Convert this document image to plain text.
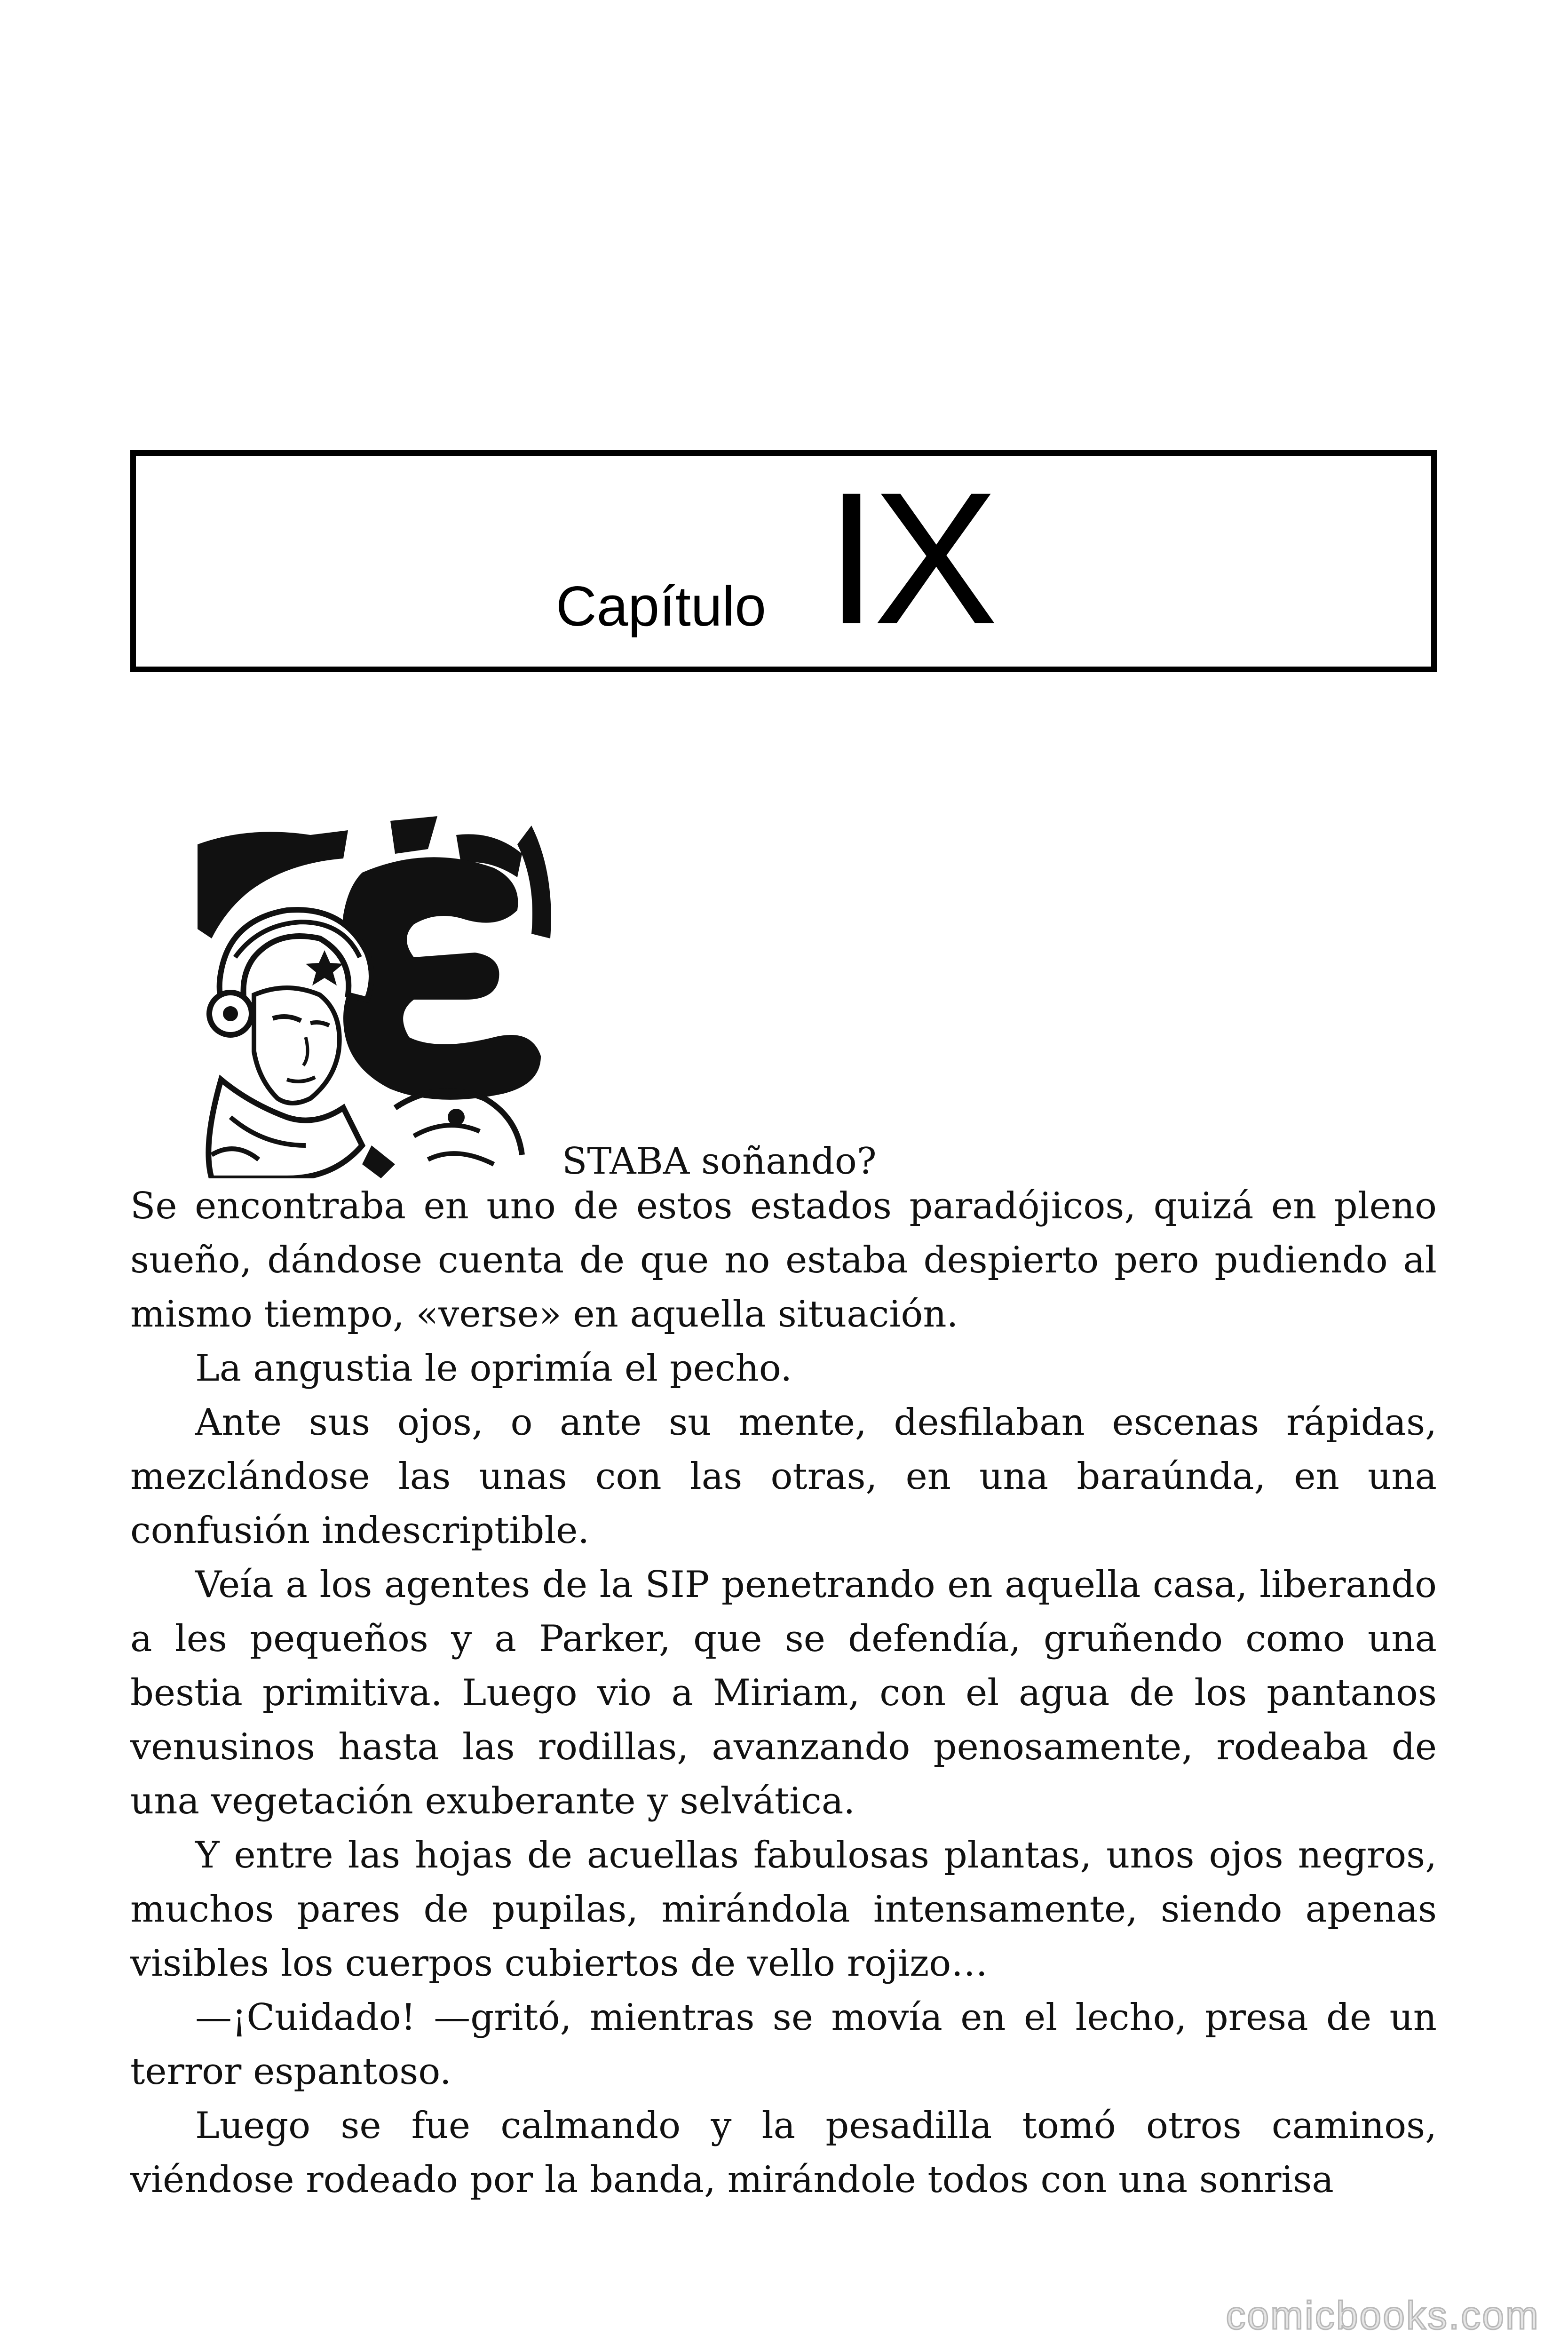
Capítulo IX
STABA soñando?

Se encontraba en uno de estos estados paradójicos, quizá en pleno sueño, dándose cuenta de que no estaba despierto pero pudiendo al mismo tiempo, «verse» en aquella situación.

La angustia le oprimía el pecho.

Ante sus ojos, o ante su mente, desfilaban escenas rápidas, mezclándose las unas con las otras, en una baraúnda, en una confusión indescriptible.

Veía a los agentes de la SIP penetrando en aquella casa, liberando a les pequeños y a Parker, que se defendía, gruñendo como una bestia primitiva. Luego vio a Miriam, con el agua de los pantanos venusinos hasta las rodillas, avanzando penosamente, rodeaba de una vegetación exuberante y selvática.

Y entre las hojas de acuellas fabulosas plantas, unos ojos negros, muchos pares de pupilas, mirándola intensamente, siendo apenas visibles los cuerpos cubiertos de vello rojizo…

—¡Cuidado! —gritó, mientras se movía en el lecho, presa de un terror espantoso.

Luego se fue calmando y la pesadilla tomó otros caminos, viéndose rodeado por la banda, mirándole todos con una sonrisa

comicbooks.com
